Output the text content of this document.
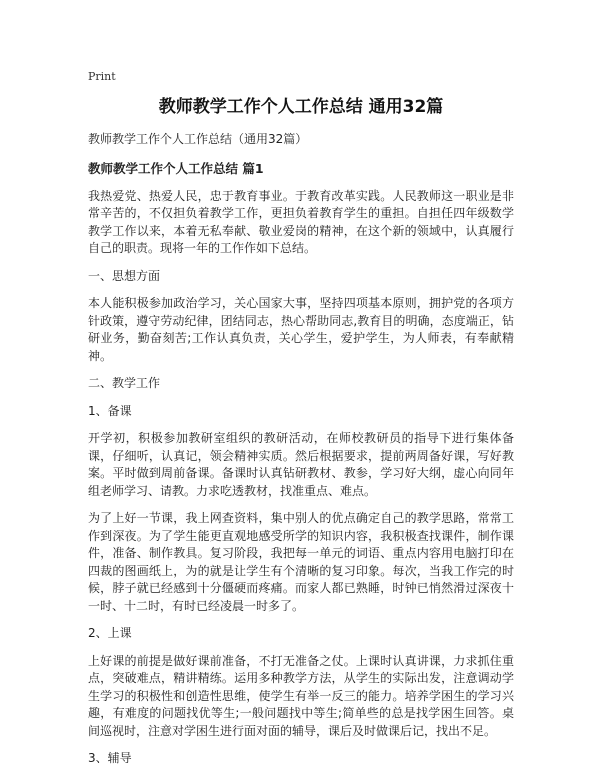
Print
教师教学工作个人工作总结 通用32篇
教师教学工作个人工作总结（通用32篇）
教师教学工作个人工作总结 篇1
我热爱党、热爱人民，忠于教育事业。于教育改革实践。人民教师这一职业是非常辛苦的，不仅担负着教学工作，更担负着教育学生的重担。自担任四年级数学教学工作以来，本着无私奉献、敬业爱岗的精神，在这个新的领域中，认真履行自己的职责。现将一年的工作作如下总结。
一、思想方面
本人能积极参加政治学习，关心国家大事，坚持四项基本原则，拥护党的各项方针政策，遵守劳动纪律，团结同志，热心帮助同志,教育目的明确，态度端正，钻研业务，勤奋刻苦;工作认真负责，关心学生，爱护学生，为人师表，有奉献精神。
二、教学工作
1、备课
开学初，积极参加教研室组织的教研活动，在师校教研员的指导下进行集体备课，仔细听，认真记，领会精神实质。然后根据要求，提前两周备好课，写好教案。平时做到周前备课。备课时认真钻研教材、教参，学习好大纲，虚心向同年组老师学习、请教。力求吃透教材，找准重点、难点。
为了上好一节课，我上网查资料，集中别人的优点确定自己的教学思路，常常工作到深夜。为了学生能更直观地感受所学的知识内容，我积极查找课件，制作课件，准备、制作教具。复习阶段，我把每一单元的词语、重点内容用电脑打印在四裁的图画纸上，为的就是让学生有个清晰的复习印象。每次，当我工作完的时候，脖子就已经感到十分僵硬而疼痛。而家人都已熟睡，时钟已悄然滑过深夜十一时、十二时，有时已经凌晨一时多了。
2、上课
上好课的前提是做好课前准备，不打无准备之仗。上课时认真讲课，力求抓住重点，突破难点，精讲精练。运用多种教学方法，从学生的实际出发，注意调动学生学习的积极性和创造性思维，使学生有举一反三的能力。培养学困生的学习兴趣，有难度的问题找优等生;一般问题找中等生;简单些的总是找学困生回答。桌间巡视时，注意对学困生进行面对面的辅导，课后及时做课后记，找出不足。
3、辅导
